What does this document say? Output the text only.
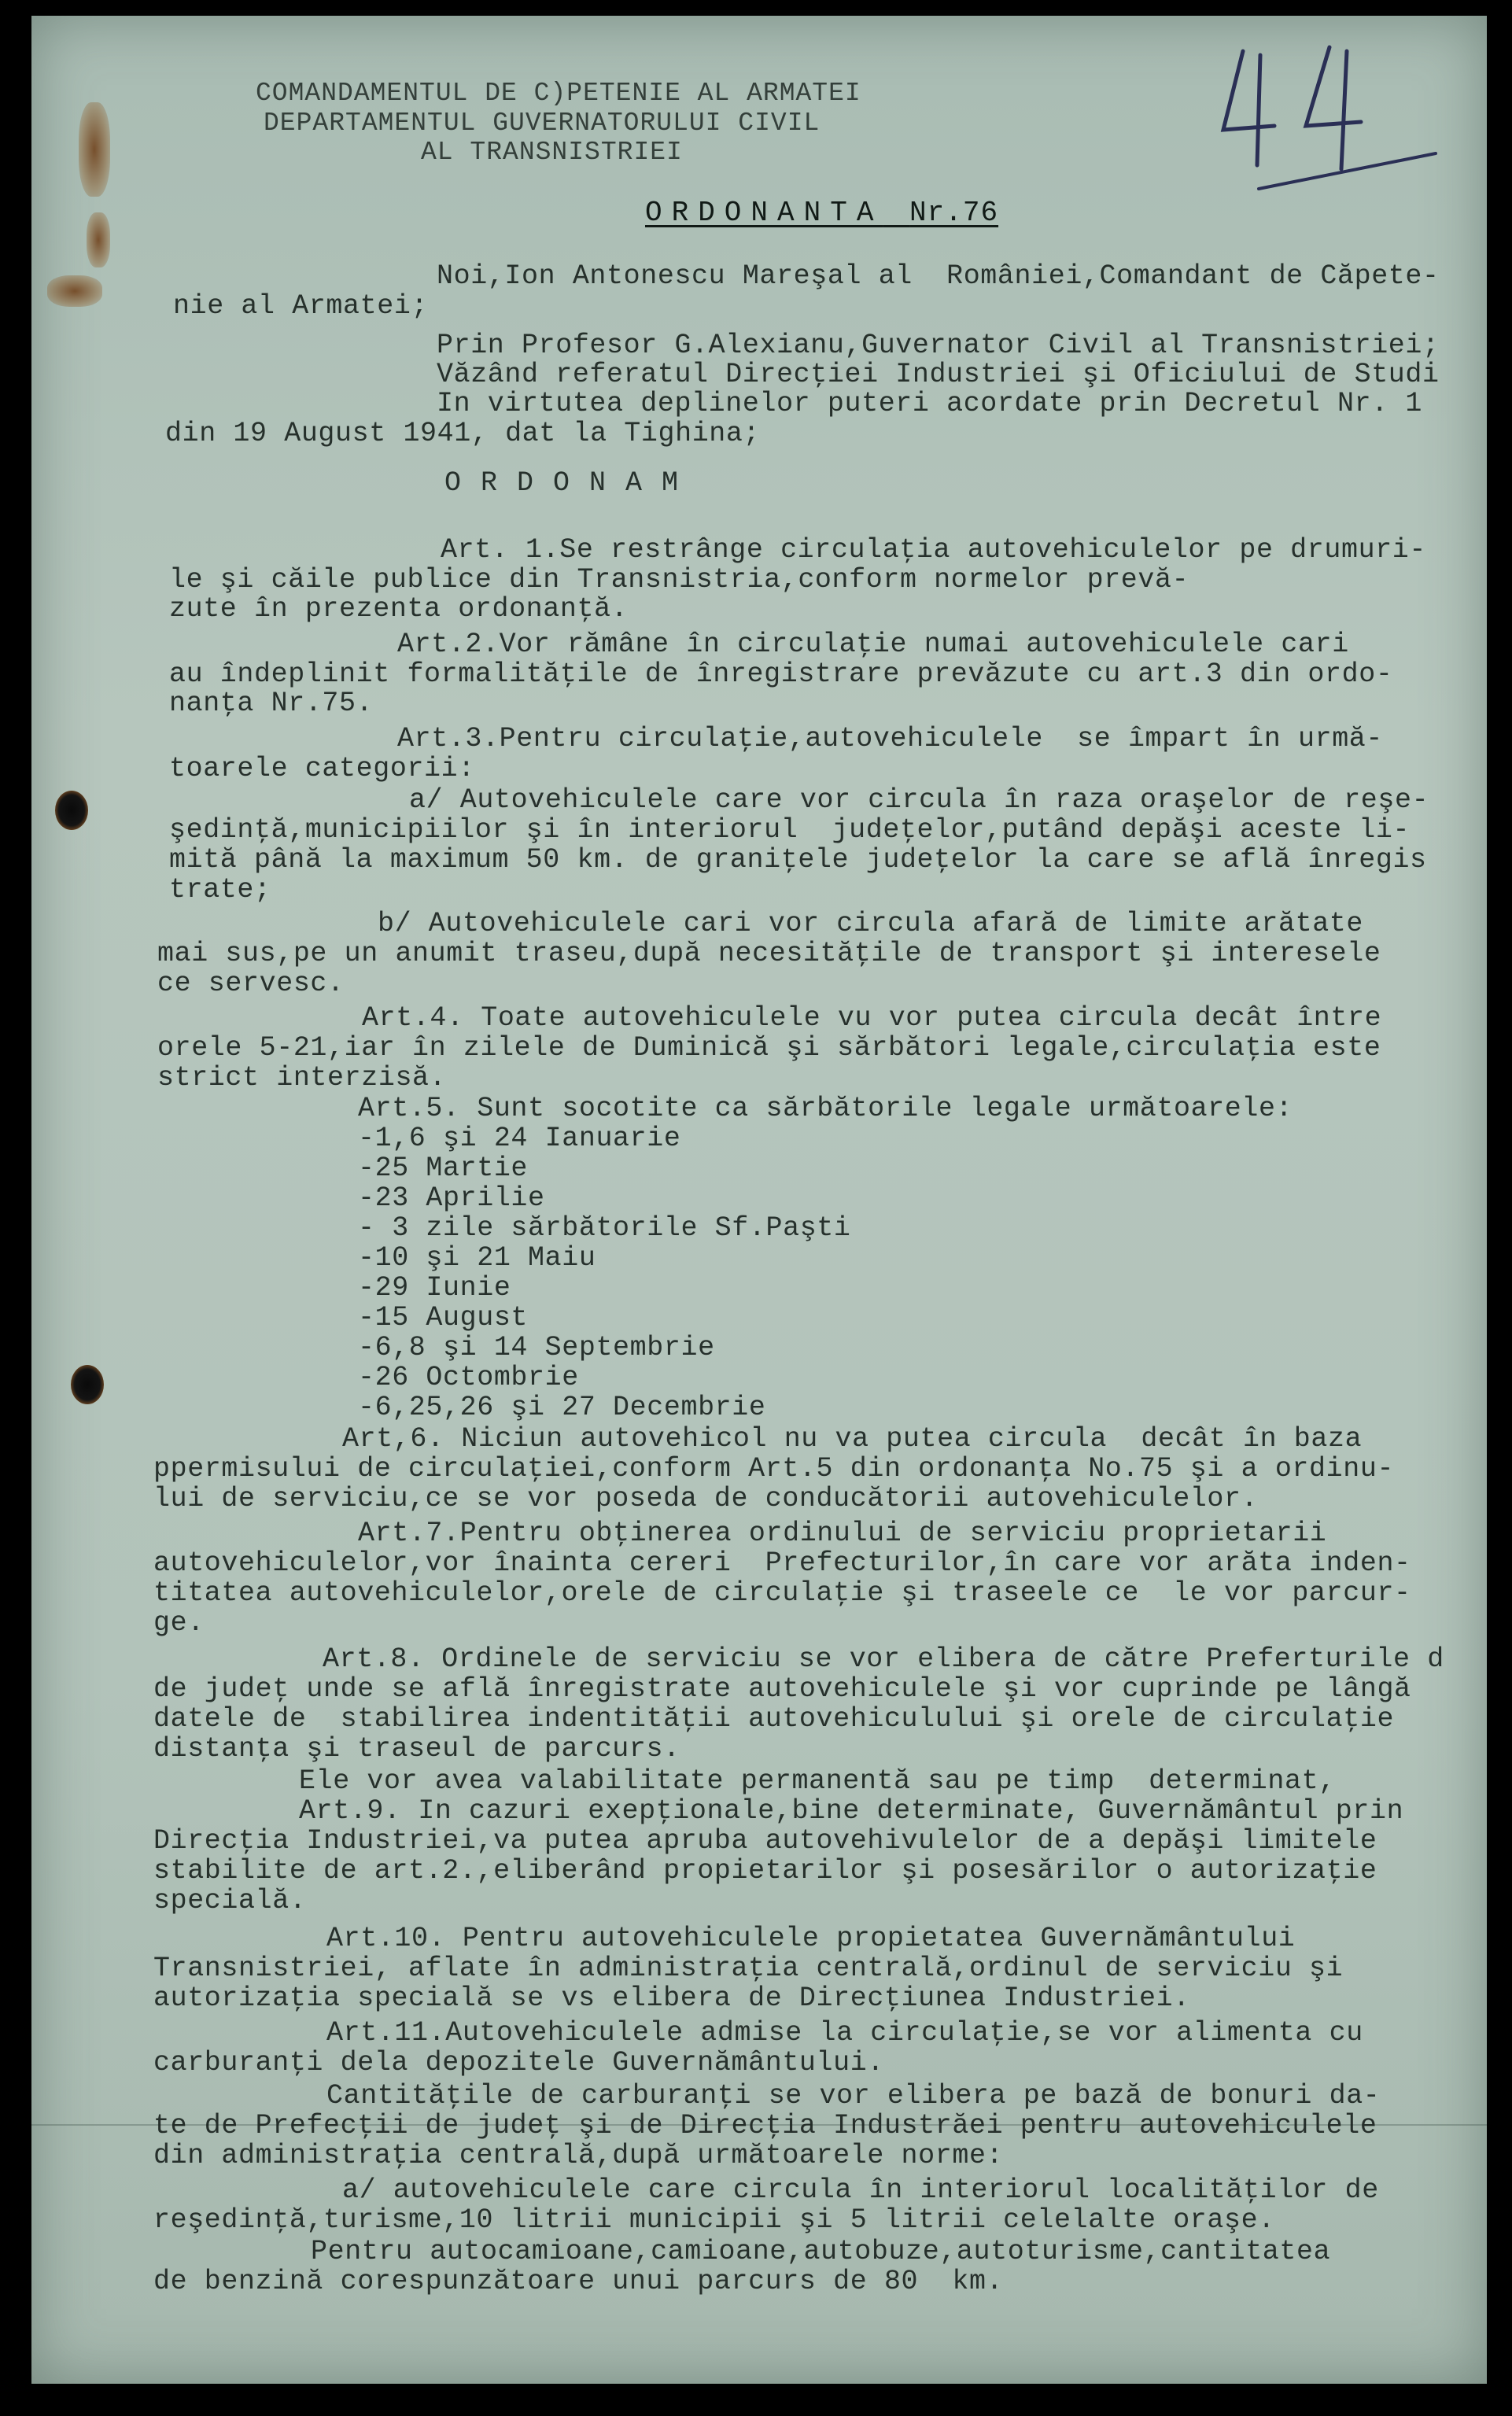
COMANDAMENTUL DE C)PETENIE AL ARMATEI
DEPARTAMENTUL GUVERNATORULUI CIVIL
AL TRANSNISTRIEI
44
ORDONANTA Nr.76
Noi,Ion Antonescu Mareşal al  României,Comandant de Căpete-
nie al Armatei;
Prin Profesor G.Alexianu,Guvernator Civil al Transnistriei;
Văzând referatul Direcţiei Industriei şi Oficiului de Studi
In virtutea deplinelor puteri acordate prin Decretul Nr. 1
din 19 August 1941, dat la Tighina;
O R D O N A M
Art. 1.Se restrânge circulaţia autovehiculelor pe drumuri-
le şi căile publice din Transnistria,conform normelor prevă-
zute în prezenta ordonanţă.
Art.2.Vor rămâne în circulaţie numai autovehiculele cari
au îndeplinit formalităţile de înregistrare prevăzute cu art.3 din ordo-
nanţa Nr.75.
Art.3.Pentru circulaţie,autovehiculele  se împart în urmă-
toarele categorii:
a/ Autovehiculele care vor circula în raza oraşelor de reşe-
şedinţă,municipiilor şi în interiorul  judeţelor,putând depăşi aceste li-
mită până la maximum 50 km. de graniţele judeţelor la care se află înregis
trate;
b/ Autovehiculele cari vor circula afară de limite arătate
mai sus,pe un anumit traseu,după necesităţile de transport şi interesele
ce servesc.
Art.4. Toate autovehiculele vu vor putea circula decât între
orele 5-21,iar în zilele de Duminică şi sărbători legale,circulaţia este
strict interzisă.
Art.5. Sunt socotite ca sărbătorile legale următoarele:
-1,6 şi 24 Ianuarie
-25 Martie
-23 Aprilie
- 3 zile sărbătorile Sf.Paşti
-10 şi 21 Maiu
-29 Iunie
-15 August
-6,8 şi 14 Septembrie
-26 Octombrie
-6,25,26 şi 27 Decembrie
Art,6. Niciun autovehicol nu va putea circula  decât în baza
ppermisului de circulaţiei,conform Art.5 din ordonanţa No.75 şi a ordinu-
lui de serviciu,ce se vor poseda de conducătorii autovehiculelor.
Art.7.Pentru obţinerea ordinului de serviciu proprietarii
autovehiculelor,vor înainta cereri  Prefecturilor,în care vor arăta inden-
titatea autovehiculelor,orele de circulaţie şi traseele ce  le vor parcur-
ge.
Art.8. Ordinele de serviciu se vor elibera de către Preferturile d
de judeţ unde se află înregistrate autovehiculele şi vor cuprinde pe lângă
datele de  stabilirea indentităţii autovehiculului şi orele de circulaţie
distanţa şi traseul de parcurs.
Ele vor avea valabilitate permanentă sau pe timp  determinat,
Art.9. In cazuri exepţionale,bine determinate, Guvernământul prin
Direcţia Industriei,va putea apruba autovehivulelor de a depăşi limitele
stabilite de art.2.,eliberând propietarilor şi posesărilor o autorizaţie
specială.
Art.10. Pentru autovehiculele propietatea Guvernământului
Transnistriei, aflate în administraţia centrală,ordinul de serviciu şi
autorizaţia specială se vs elibera de Direcţiunea Industriei.
Art.11.Autovehiculele admise la circulaţie,se vor alimenta cu
carburanţi dela depozitele Guvernământului.
Cantităţile de carburanţi se vor elibera pe bază de bonuri da-
te de Prefecţii de judeţ şi de Direcţia Industrăei pentru autovehiculele
din administraţia centrală,după următoarele norme:
a/ autovehiculele care circula în interiorul localităţilor de
reşedinţă,turisme,10 litrii municipii şi 5 litrii celelalte oraşe.
Pentru autocamioane,camioane,autobuze,autoturisme,cantitatea
de benzină corespunzătoare unui parcurs de 80  km.
